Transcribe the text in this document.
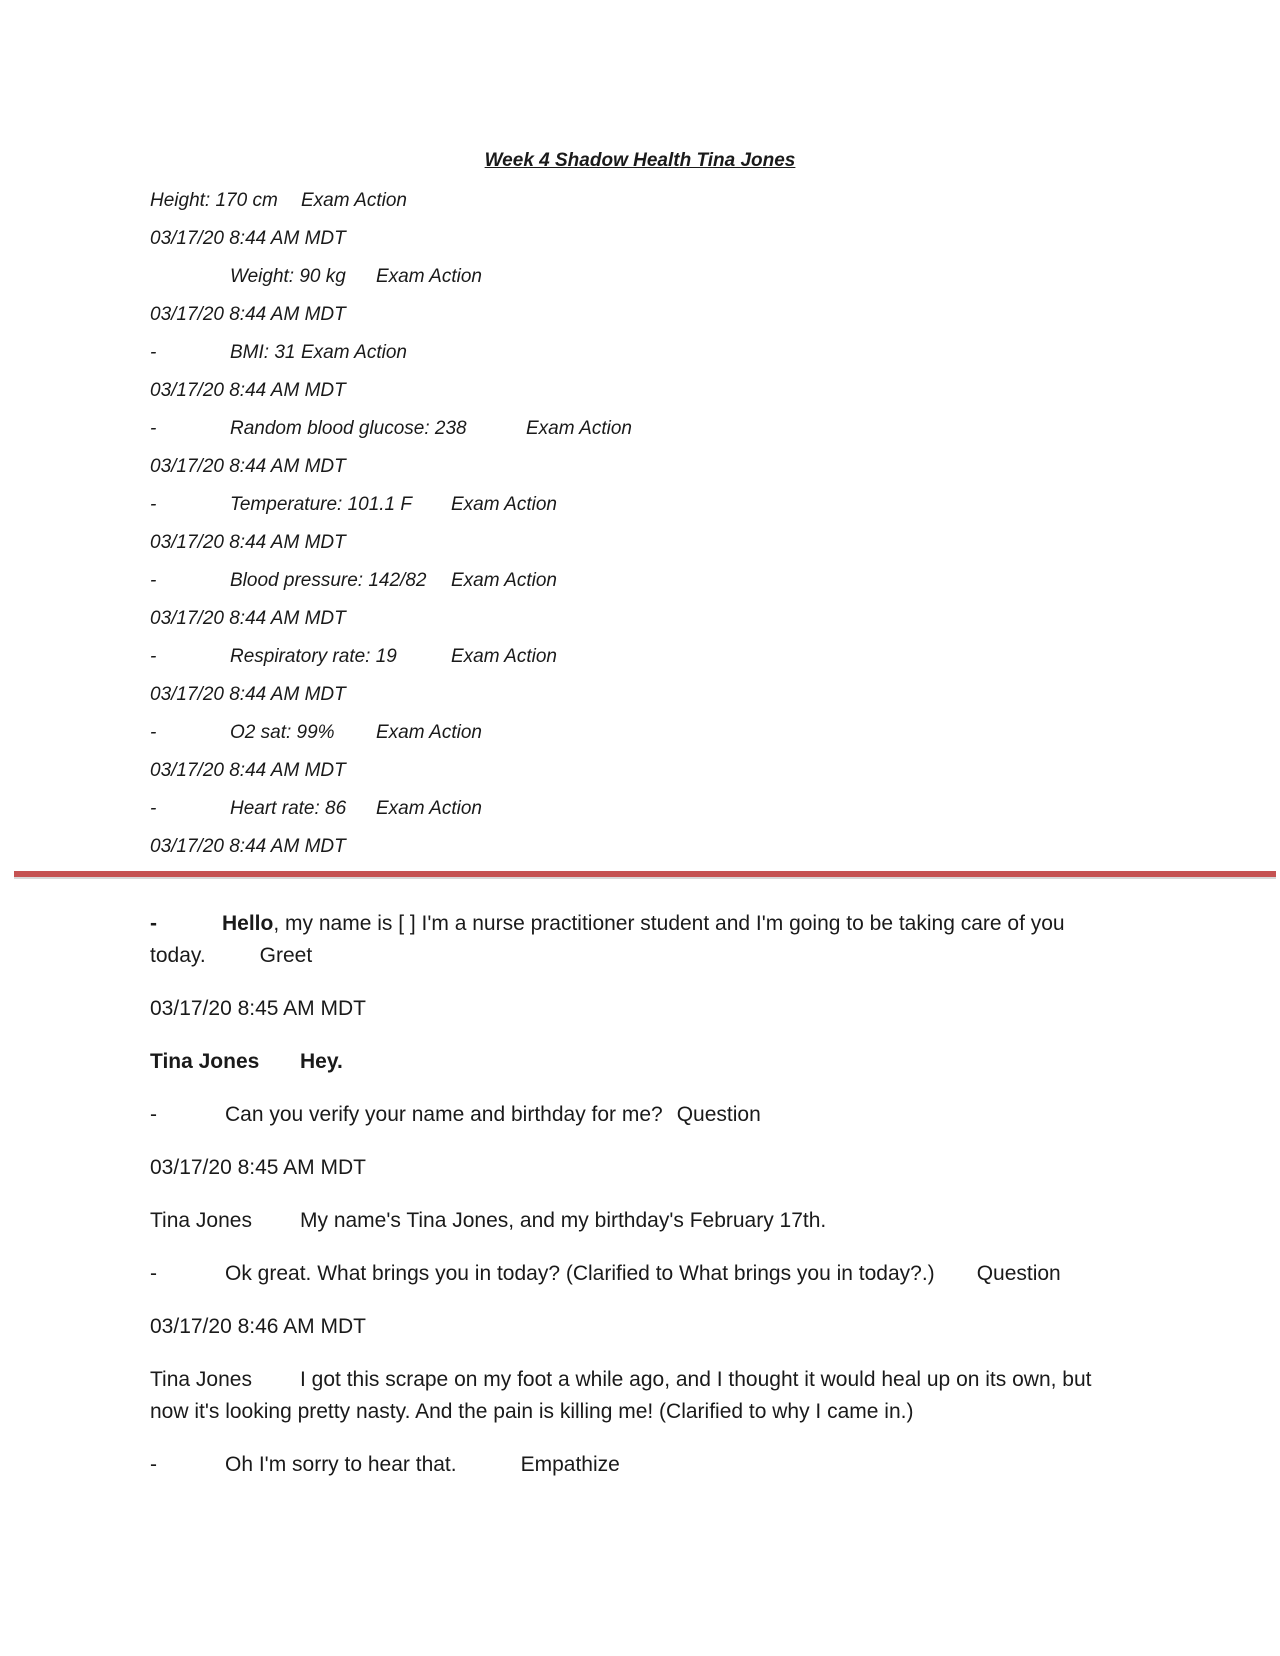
Week 4 Shadow Health Tina Jones
Height: 170 cm Exam Action
03/17/20 8:44 AM MDT
Weight: 90 kg Exam Action
03/17/20 8:44 AM MDT
-	BMI: 31 Exam Action
03/17/20 8:44 AM MDT
-	Random blood glucose: 238	Exam Action
03/17/20 8:44 AM MDT
-	Temperature: 101.1 F Exam Action
03/17/20 8:44 AM MDT
-	Blood pressure: 142/82 Exam Action
03/17/20 8:44 AM MDT
-	Respiratory rate: 19	Exam Action
03/17/20 8:44 AM MDT
-	O2 sat: 99% Exam Action
03/17/20 8:44 AM MDT
-	Heart rate: 86 Exam Action
03/17/20 8:44 AM MDT
-	Hello, my name is [ ] I'm a nurse practitioner student and I'm going to be taking care of you today.	Greet
03/17/20 8:45 AM MDT
Tina Jones Hey.
-	Can you verify your name and birthday for me? Question
03/17/20 8:45 AM MDT
Tina Jones My name's Tina Jones, and my birthday's February 17th.
-	Ok great. What brings you in today? (Clarified to What brings you in today?.) Question
03/17/20 8:46 AM MDT
Tina Jones I got this scrape on my foot a while ago, and I thought it would heal up on its own, but now it's looking pretty nasty. And the pain is killing me! (Clarified to why I came in.)
-	Oh I'm sorry to hear that.	Empathize
